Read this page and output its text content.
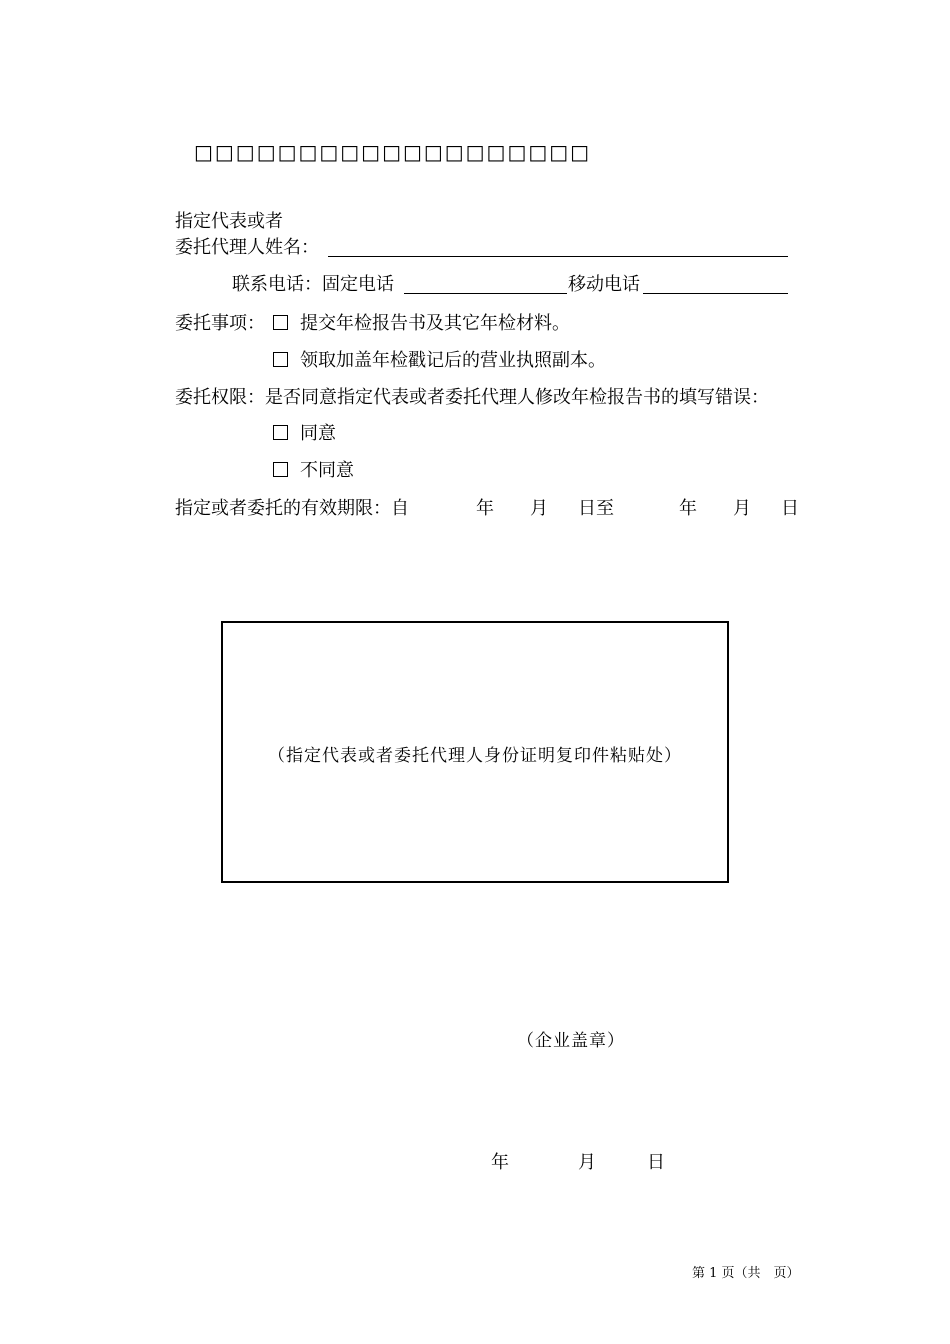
□□□□□□□□□□□□□□□□□□□
指定代表或者
委托代理人姓名：
联系电话：固定电话	移动电话
委托事项：	提交年检报告书及其它年检材料。
领取加盖年检戳记后的营业执照副本。
委托权限：是否同意指定代表或者委托代理人修改年检报告书的填写错误：
同意
不同意
指定或者委托的有效期限：自	年 月 日至	年 月 日
（指定代表或者委托代理人身份证明复印件粘贴处）
（企业盖章）
年	月	日
第 1 页（共　页）
